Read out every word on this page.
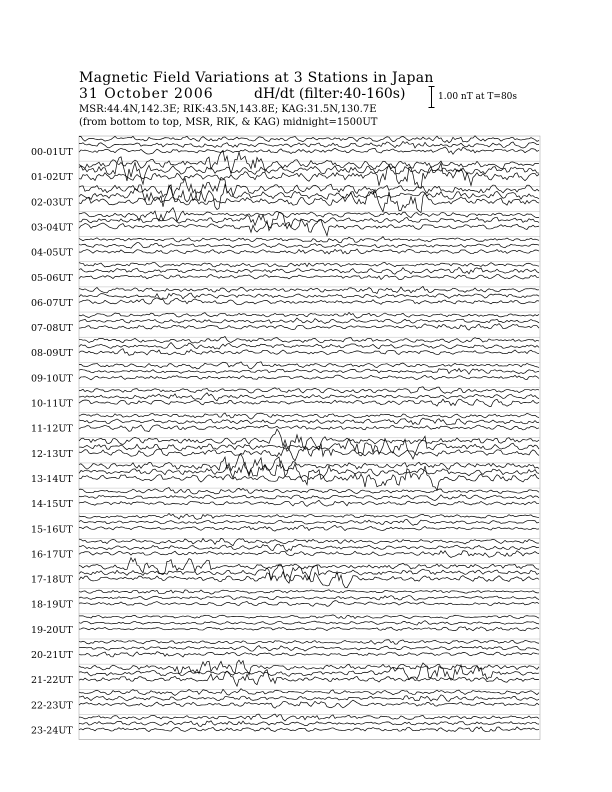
Magnetic Field Variations at 3 Stations in Japan
31 October 2006	dH/dt (filter:40-160s)
MSR:44.4N,142.3E; RIK:43.5N,143.8E; KAG:31.5N,130.7E
(from bottom to top, MSR, RIK, & KAG) midnight=1500UT
1.00 nT at T=80s
00-01UT
01-02UT
02-03UT
03-04UT
04-05UT
05-06UT
06-07UT
07-08UT
08-09UT
09-10UT
10-11UT
11-12UT
12-13UT
13-14UT
14-15UT
15-16UT
16-17UT
17-18UT
18-19UT
19-20UT
20-21UT
21-22UT
22-23UT
23-24UT
